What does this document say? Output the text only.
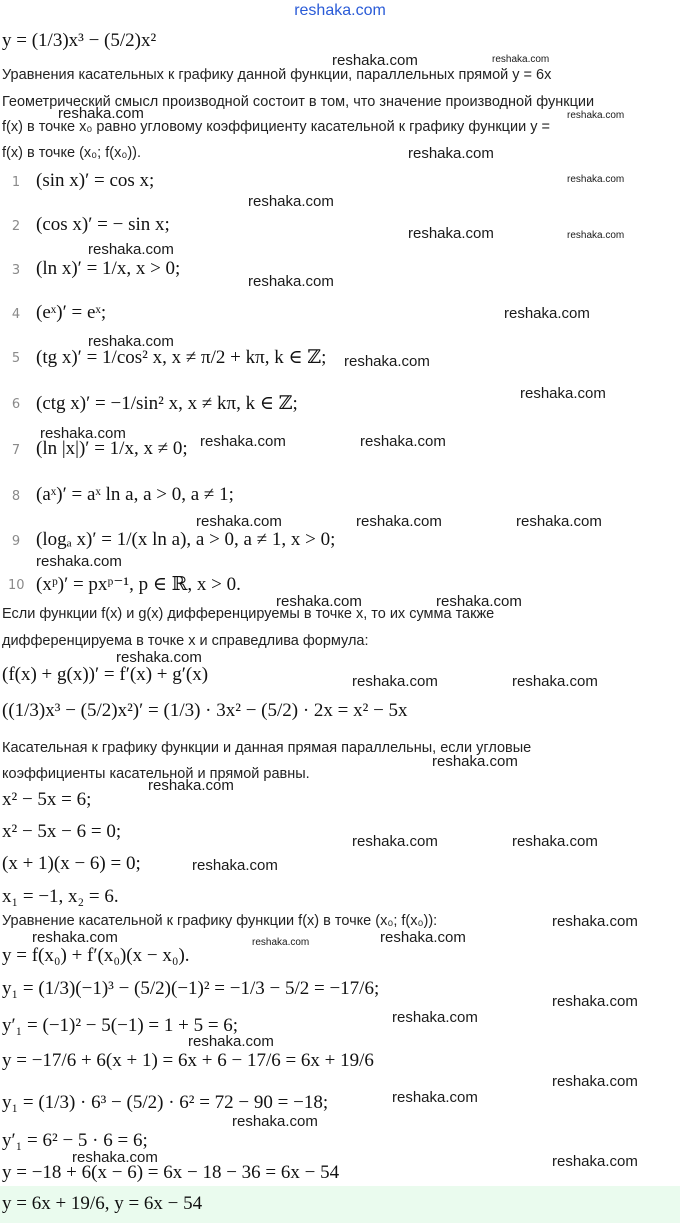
reshaka.com
y = (1/3)x³ − (5/2)x²
Уравнения касательных к графику данной функции, параллельных прямой y = 6x
Геометрический смысл производной состоит в том, что значение производной функции
f(x) в точке x₀ равно угловому коэффициенту касательной к графику функции y =
f(x) в точке (x₀; f(x₀)).
1 (sin x)′ = cos x;
2 (cos x)′ = − sin x;
3 (ln x)′ = 1/x, x > 0;
4 (eˣ)′ = eˣ;
5 (tg x)′ = 1/cos² x, x ≠ π/2 + kπ, k ∈ ℤ;
6 (ctg x)′ = −1/sin² x, x ≠ kπ, k ∈ ℤ;
7 (ln |x|)′ = 1/x, x ≠ 0;
8 (aˣ)′ = aˣ ln a, a > 0, a ≠ 1;
9 (logₐ x)′ = 1/(x ln a), a > 0, a ≠ 1, x > 0;
10 (xᵖ)′ = pxᵖ⁻¹, p ∈ ℝ, x > 0.
Если функции f(x) и g(x) дифференцируемы в точке x, то их сумма также
дифференцируема в точке x и справедлива формула:
(f(x) + g(x))′ = f′(x) + g′(x)
((1/3)x³ − (5/2)x²)′ = (1/3) · 3x² − (5/2) · 2x = x² − 5x
Касательная к графику функции и данная прямая параллельны, если угловые
коэффициенты касательной и прямой равны.
x² − 5x = 6;
x² − 5x − 6 = 0;
(x + 1)(x − 6) = 0;
x₁ = −1, x₂ = 6.
Уравнение касательной к графику функции f(x) в точке (x₀; f(x₀)):
y = f(x₀) + f′(x₀)(x − x₀).
y₁ = (1/3)(−1)³ − (5/2)(−1)² = −1/3 − 5/2 = −17/6;
y′₁ = (−1)² − 5(−1) = 1 + 5 = 6;
y = −17/6 + 6(x + 1) = 6x + 6 − 17/6 = 6x + 19/6
y₁ = (1/3) · 6³ − (5/2) · 6² = 72 − 90 = −18;
y′₁ = 6² − 5 · 6 = 6;
y = −18 + 6(x − 6) = 6x − 18 − 36 = 6x − 54
y = 6x + 19/6, y = 6x − 54
reshaka.com	reshaka.com
reshaka.com	reshaka.com
reshaka.com
reshaka.com
reshaka.com
reshaka.com	reshaka.com
reshaka.com
reshaka.com
reshaka.com
reshaka.com
reshaka.com
reshaka.com
reshaka.com	reshaka.com	reshaka.com
reshaka.com	reshaka.com	reshaka.com
reshaka.com
reshaka.com	reshaka.com
reshaka.com
reshaka.com	reshaka.com
reshaka.com
reshaka.com
reshaka.com	reshaka.com
reshaka.com
reshaka.com
reshaka.com	reshaka.com	reshaka.com
reshaka.com
reshaka.com
reshaka.com
reshaka.com
reshaka.com
reshaka.com
reshaka.com	reshaka.com
